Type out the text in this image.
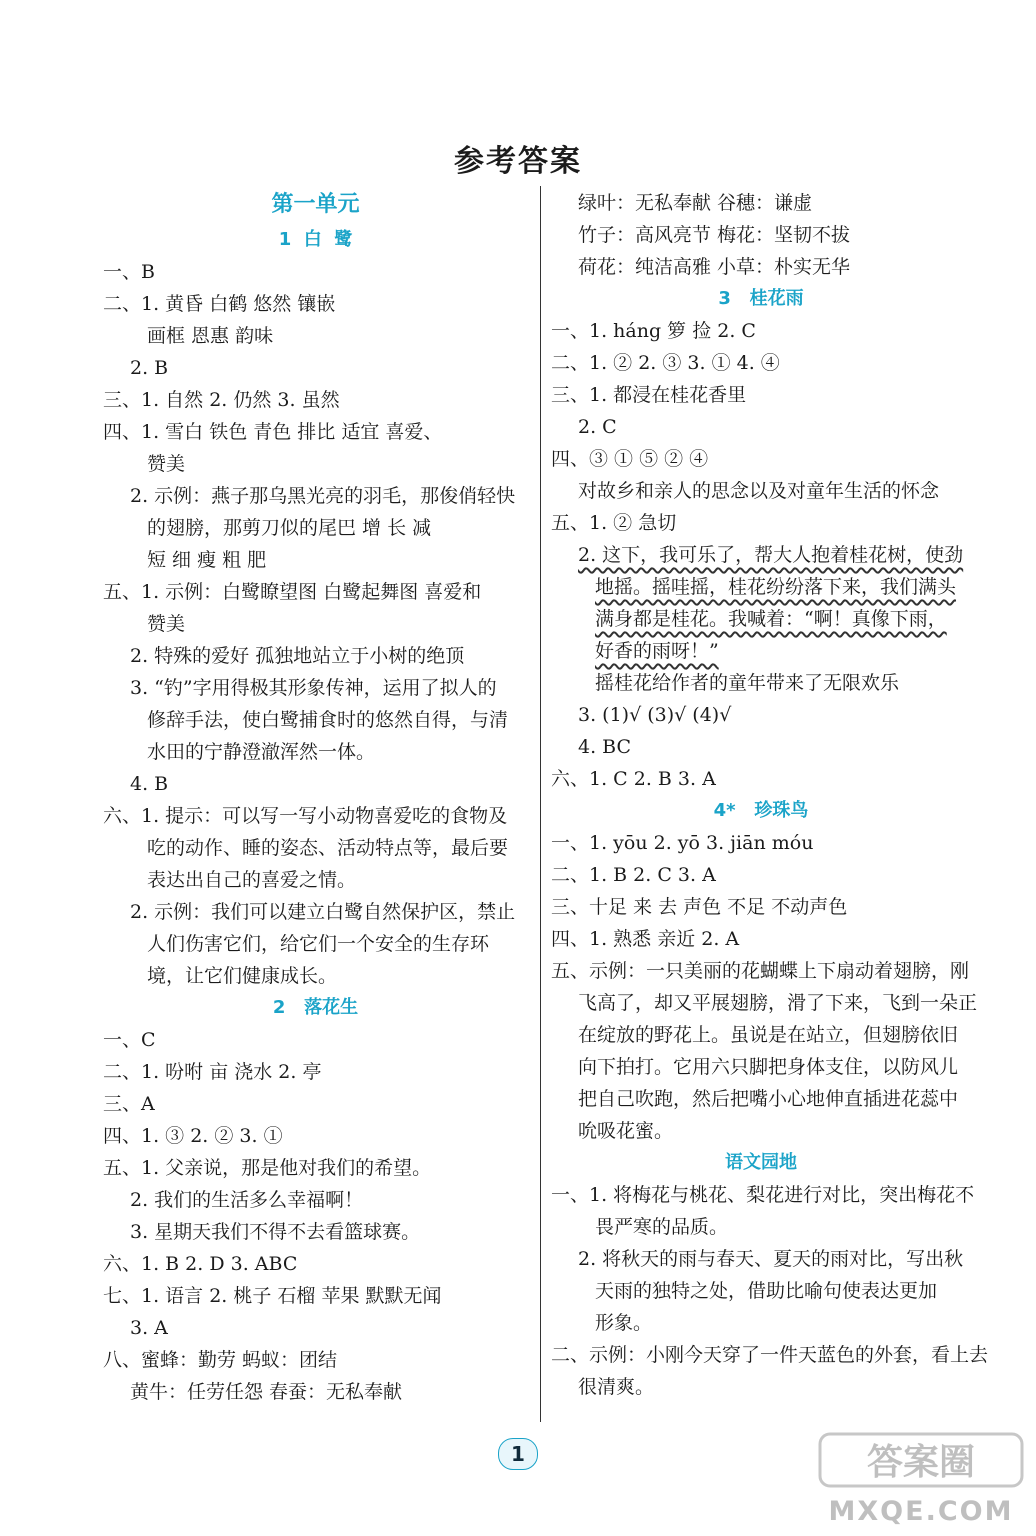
参考答案
第一单元
1  白  鹭
一、B
二、1. 黄昏 白鹤 悠然 镶嵌
画框 恩惠 韵味
2. B
三、1. 自然 2. 仍然 3. 虽然
四、1. 雪白 铁色 青色 排比 适宜 喜爱、
赞美
2. 示例：燕子那乌黑光亮的羽毛，那俊俏轻快
的翅膀，那剪刀似的尾巴 增 长 减
短 细 瘦 粗 肥
五、1. 示例：白鹭瞭望图 白鹭起舞图 喜爱和
赞美
2. 特殊的爱好 孤独地站立于小树的绝顶
3. “钓”字用得极其形象传神，运用了拟人的
修辞手法，使白鹭捕食时的悠然自得，与清
水田的宁静澄澈浑然一体。
4. B
六、1. 提示：可以写一写小动物喜爱吃的食物及
吃的动作、睡的姿态、活动特点等，最后要
表达出自己的喜爱之情。
2. 示例：我们可以建立白鹭自然保护区，禁止
人们伤害它们，给它们一个安全的生存环
境，让它们健康成长。
2   落花生
一、C
二、1. 吩咐 亩 浇水 2. 亭
三、A
四、1. ③ 2. ② 3. ①
五、1. 父亲说，那是他对我们的希望。
2. 我们的生活多么幸福啊！
3. 星期天我们不得不去看篮球赛。
六、1. B 2. D 3. ABC
七、1. 语言 2. 桃子 石榴 苹果 默默无闻
3. A
八、蜜蜂：勤劳 蚂蚁：团结
黄牛：任劳任怨 春蚕：无私奉献
绿叶：无私奉献 谷穗：谦虚
竹子：高风亮节 梅花：坚韧不拔
荷花：纯洁高雅 小草：朴实无华
3   桂花雨
一、1. háng 箩 捡 2. C
二、1. ② 2. ③ 3. ① 4. ④
三、1. 都浸在桂花香里
2. C
四、③ ① ⑤ ② ④
对故乡和亲人的思念以及对童年生活的怀念
五、1. ② 急切
2. 这下，我可乐了，帮大人抱着桂花树，使劲
地摇。摇哇摇，桂花纷纷落下来，我们满头
满身都是桂花。我喊着：“啊！真像下雨，
好香的雨呀！”
摇桂花给作者的童年带来了无限欢乐
3. (1)√ (3)√ (4)√
4. BC
六、1. C 2. B 3. A
4*   珍珠鸟
一、1. yōu 2. yō 3. jiān móu
二、1. B 2. C 3. A
三、十足 来 去 声色 不足 不动声色
四、1. 熟悉 亲近 2. A
五、示例：一只美丽的花蝴蝶上下扇动着翅膀，刚
飞高了，却又平展翅膀，滑了下来，飞到一朵正
在绽放的野花上。虽说是在站立，但翅膀依旧
向下拍打。它用六只脚把身体支住，以防风儿
把自己吹跑，然后把嘴小心地伸直插进花蕊中
吮吸花蜜。
语文园地
一、1. 将梅花与桃花、梨花进行对比，突出梅花不
畏严寒的品质。
2. 将秋天的雨与春天、夏天的雨对比，写出秋
天雨的独特之处，借助比喻句使表达更加
形象。
二、示例：小刚今天穿了一件天蓝色的外套，看上去
很清爽。
1	答案圈
MXQE.COM
